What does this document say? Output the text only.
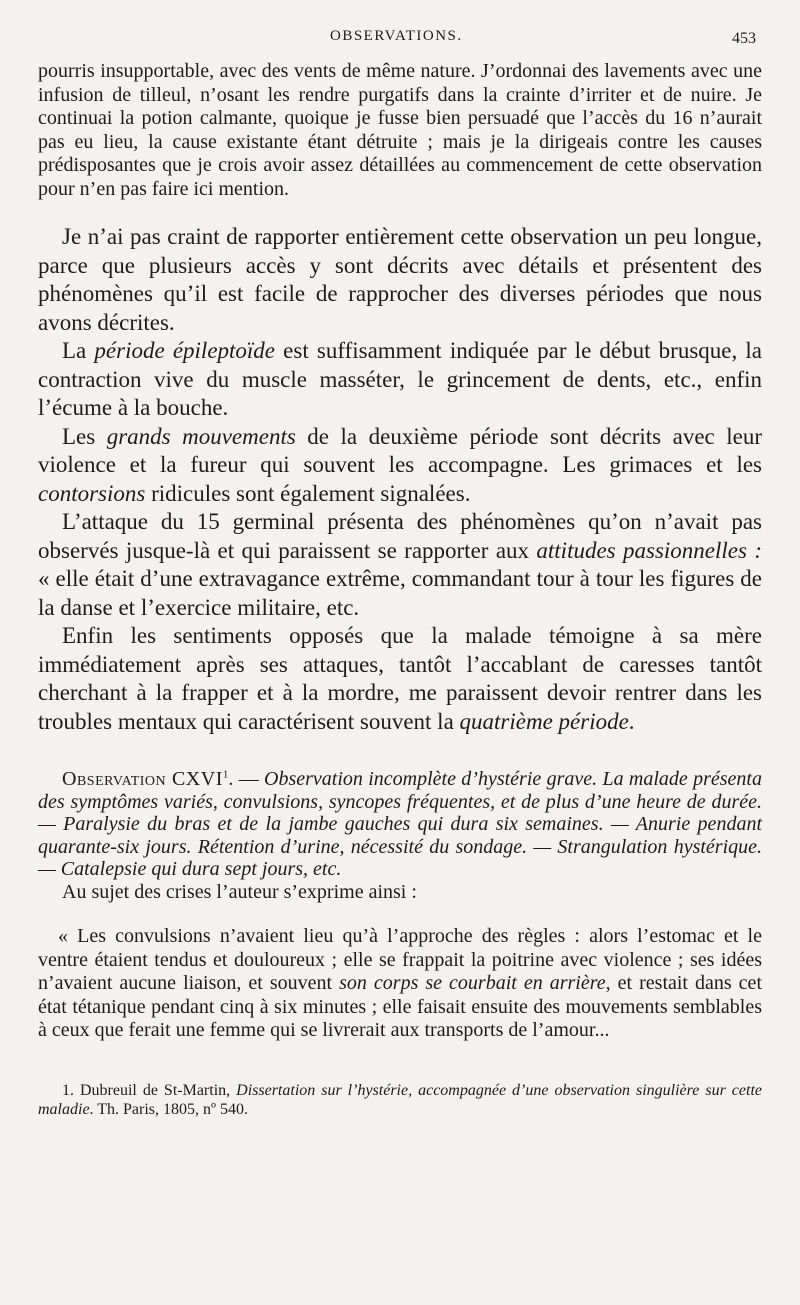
OBSERVATIONS.	453

pourris insupportable, avec des vents de même nature. J’ordonnai des lavements avec une infusion de tilleul, n’osant les rendre purgatifs dans la crainte d’irriter et de nuire. Je continuai la potion calmante, quoique je fusse bien persuadé que l’accès du 16 n’aurait pas eu lieu, la cause existante étant détruite ; mais je la dirigeais contre les causes prédisposantes que je crois avoir assez détaillées au commencement de cette observation pour n’en pas faire ici mention.

Je n’ai pas craint de rapporter entièrement cette observation un peu longue, parce que plusieurs accès y sont décrits avec détails et présentent des phénomènes qu’il est facile de rapprocher des diverses périodes que nous avons décrites.

La période épileptoïde est suffisamment indiquée par le début brusque, la contraction vive du muscle masséter, le grincement de dents, etc., enfin l’écume à la bouche.

Les grands mouvements de la deuxième période sont décrits avec leur violence et la fureur qui souvent les accompagne. Les grimaces et les contorsions ridicules sont également signalées.

L’attaque du 15 germinal présenta des phénomènes qu’on n’avait pas observés jusque-là et qui paraissent se rapporter aux attitudes passionnelles : « elle était d’une extravagance extrême, commandant tour à tour les figures de la danse et l’exercice militaire, etc.

Enfin les sentiments opposés que la malade témoigne à sa mère immédiatement après ses attaques, tantôt l’accablant de caresses tantôt cherchant à la frapper et à la mordre, me paraissent devoir rentrer dans les troubles mentaux qui caractérisent souvent la quatrième période.

Observation CXVI$^1$. — Observation incomplète d’hystérie grave. La malade présenta des symptômes variés, convulsions, syncopes fréquentes, et de plus d’une heure de durée. — Paralysie du bras et de la jambe gauches qui dura six semaines. — Anurie pendant quarante-six jours. Rétention d’urine, nécessité du sondage. — Strangulation hystérique. — Catalepsie qui dura sept jours, etc.

Au sujet des crises l’auteur s’exprime ainsi :

« Les convulsions n’avaient lieu qu’à l’approche des règles : alors l’estomac et le ventre étaient tendus et douloureux ; elle se frappait la poitrine avec violence ; ses idées n’avaient aucune liaison, et souvent son corps se courbait en arrière, et restait dans cet état tétanique pendant cinq à six minutes ; elle faisait ensuite des mouvements semblables à ceux que ferait une femme qui se livrerait aux transports de l’amour...

1. Dubreuil de St-Martin, Dissertation sur l’hystérie, accompagnée d’une observation singulière sur cette maladie. Th. Paris, 1805, nº 540.
